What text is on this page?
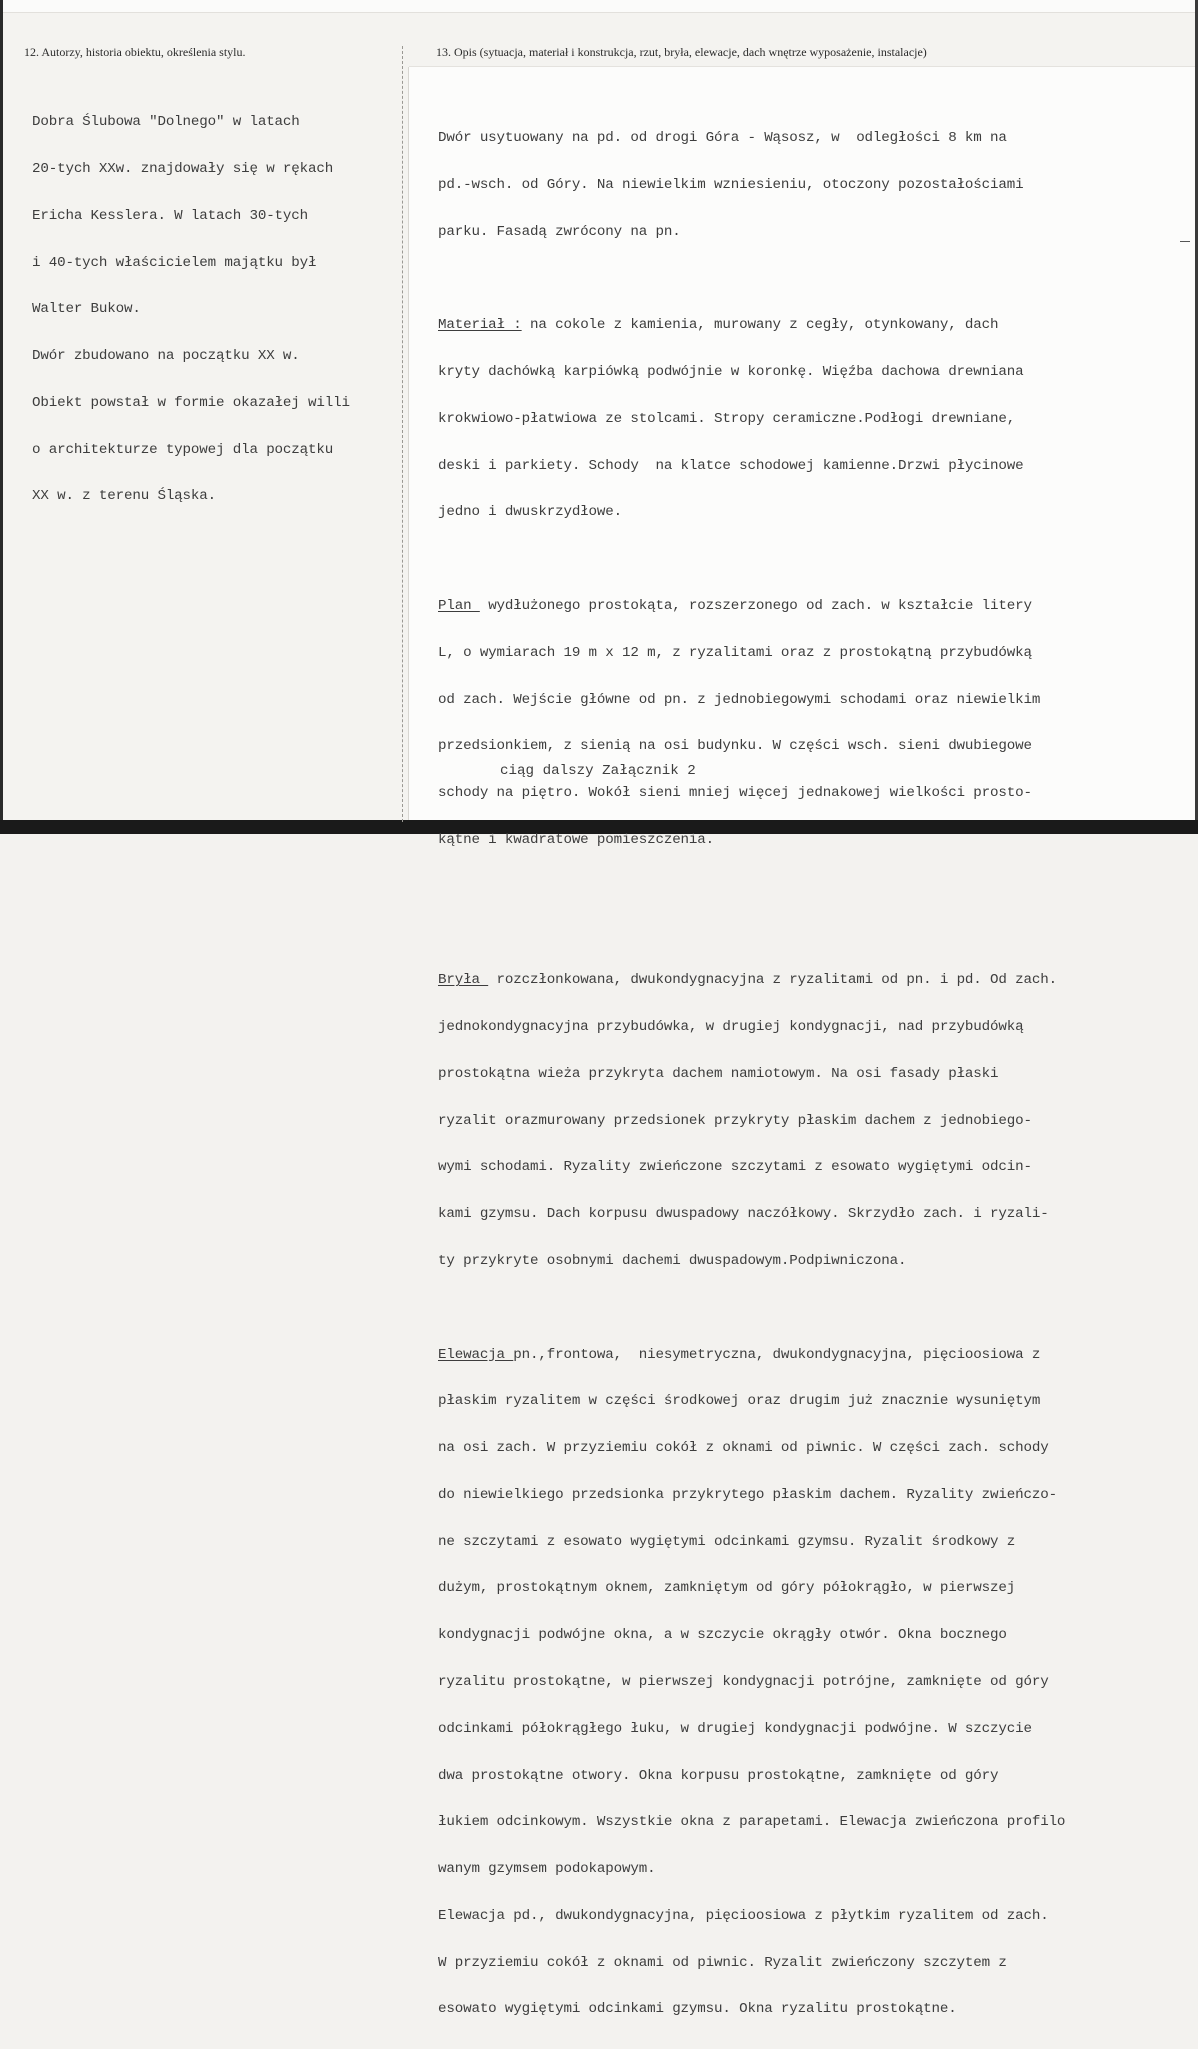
12. Autorzy, historia obiektu, określenia stylu.	13. Opis (sytuacja, materiał i konstrukcja, rzut, bryła, elewacje, dach wnętrze wyposażenie, instalacje)

Dobra Ślubowa "Dolnego" w latach

20-tych XXw. znajdowały się w rękach

Ericha Kesslera. W latach 30-tych

i 40-tych właścicielem majątku był

Walter Bukow.

Dwór zbudowano na początku XX w.

Obiekt powstał w formie okazałej willi

o architekturze typowej dla początku

XX w. z terenu Śląska.

Dwór usytuowany na pd. od drogi Góra - Wąsosz, w  odległości 8 km na

pd.-wsch. od Góry. Na niewielkim wzniesieniu, otoczony pozostałościami

parku. Fasadą zwrócony na pn.

Materiał : na cokole z kamienia, murowany z cegły, otynkowany, dach

kryty dachówką karpiówką podwójnie w koronkę. Więźba dachowa drewniana

krokwiowo-płatwiowa ze stolcami. Stropy ceramiczne.Podłogi drewniane,

deski i parkiety. Schody  na klatce schodowej kamienne.Drzwi płycinowe

jedno i dwuskrzydłowe.

Plan  wydłużonego prostokąta, rozszerzonego od zach. w kształcie litery

L, o wymiarach 19 m x 12 m, z ryzalitami oraz z prostokątną przybudówką

od zach. Wejście główne od pn. z jednobiegowymi schodami oraz niewielkim

przedsionkiem, z sienią na osi budynku. W części wsch. sieni dwubiegowe

schody na piętro. Wokół sieni mniej więcej jednakowej wielkości prosto-

kątne i kwadratowe pomieszczenia.

Bryła  rozczłonkowana, dwukondygnacyjna z ryzalitami od pn. i pd. Od zach.

jednokondygnacyjna przybudówka, w drugiej kondygnacji, nad przybudówką

prostokątna wieża przykryta dachem namiotowym. Na osi fasady płaski

ryzalit orazmurowany przedsionek przykryty płaskim dachem z jednobiego-

wymi schodami. Ryzality zwieńczone szczytami z esowato wygiętymi odcin-

kami gzymsu. Dach korpusu dwuspadowy naczółkowy. Skrzydło zach. i ryzali-

ty przykryte osobnymi dachemi dwuspadowym.Podpiwniczona.

Elewacja pn.,frontowa,  niesymetryczna, dwukondygnacyjna, pięcioosiowa z

płaskim ryzalitem w części środkowej oraz drugim już znacznie wysuniętym

na osi zach. W przyziemiu cokół z oknami od piwnic. W części zach. schody

do niewielkiego przedsionka przykrytego płaskim dachem. Ryzality zwieńczo-

ne szczytami z esowato wygiętymi odcinkami gzymsu. Ryzalit środkowy z

dużym, prostokątnym oknem, zamkniętym od góry półokrągło, w pierwszej

kondygnacji podwójne okna, a w szczycie okrągły otwór. Okna bocznego

ryzalitu prostokątne, w pierwszej kondygnacji potrójne, zamknięte od góry

odcinkami półokrągłego łuku, w drugiej kondygnacji podwójne. W szczycie

dwa prostokątne otwory. Okna korpusu prostokątne, zamknięte od góry

łukiem odcinkowym. Wszystkie okna z parapetami. Elewacja zwieńczona profilo

wanym gzymsem podokapowym.

Elewacja pd., dwukondygnacyjna, pięcioosiowa z płytkim ryzalitem od zach.

W przyziemiu cokół z oknami od piwnic. Ryzalit zwieńczony szczytem z

esowato wygiętymi odcinkami gzymsu. Okna ryzalitu prostokątne.

ciąg dalszy Załącznik 2
